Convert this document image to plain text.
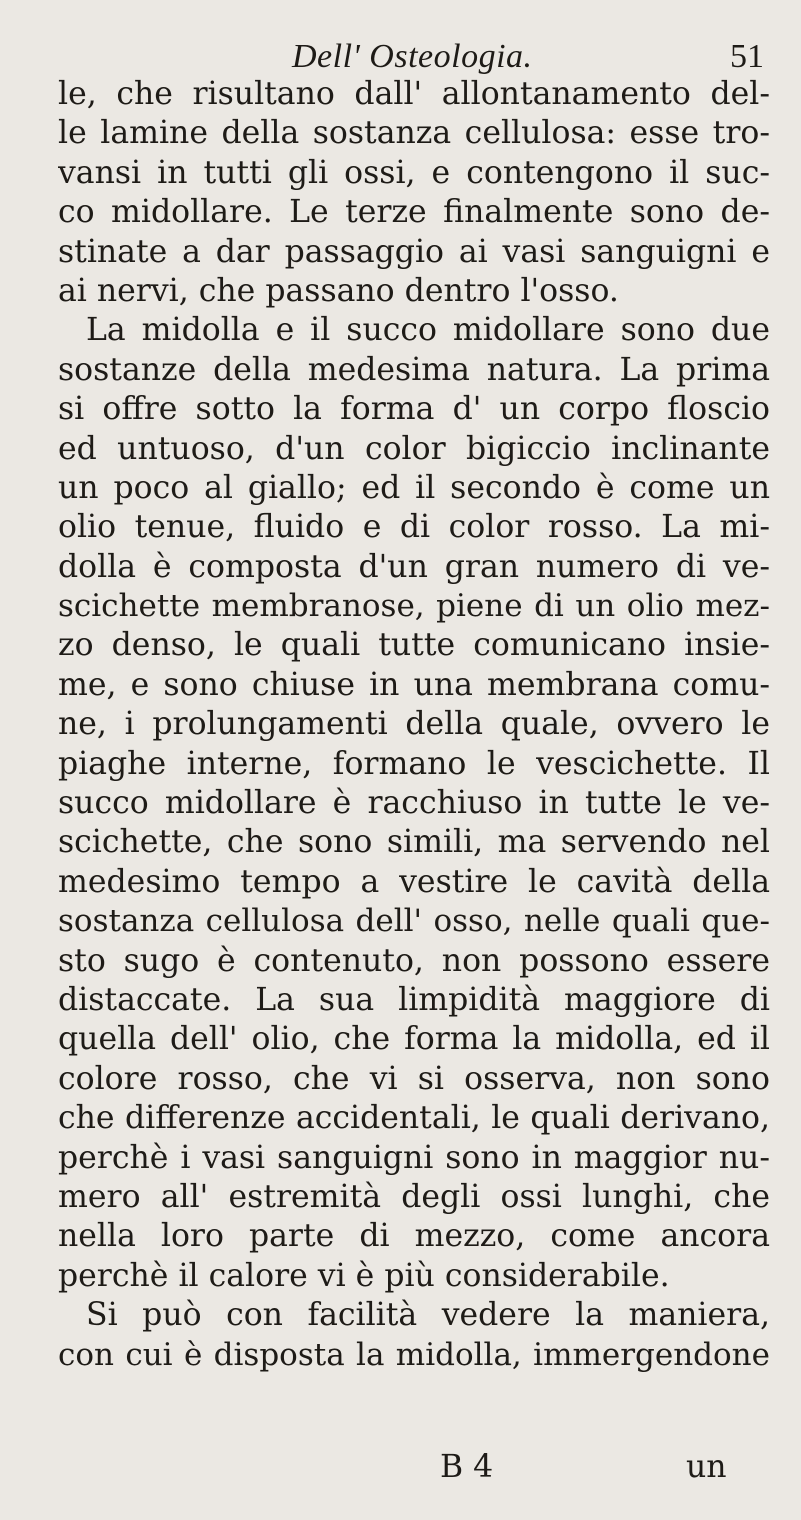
Dell' Osteologia.	51
le, che risultano dall' allontanamento del-
le lamine della sostanza cellulosa: esse tro-
vansi in tutti gli ossi, e contengono il suc-
co midollare. Le terze finalmente sono de-
stinate a dar passaggio ai vasi sanguigni e
ai nervi, che passano dentro l'osso.
La midolla e il succo midollare sono due
sostanze della medesima natura. La prima
si offre sotto la forma d' un corpo floscio
ed untuoso, d'un color bigiccio inclinante
un poco al giallo; ed il secondo è come un
olio tenue, fluido e di color rosso. La mi-
dolla è composta d'un gran numero di ve-
scichette membranose, piene di un olio mez-
zo denso, le quali tutte comunicano insie-
me, e sono chiuse in una membrana comu-
ne, i prolungamenti della quale, ovvero le
piaghe interne, formano le vescichette. Il
succo midollare è racchiuso in tutte le ve-
scichette, che sono simili, ma servendo nel
medesimo tempo a vestire le cavità della
sostanza cellulosa dell' osso, nelle quali que-
sto sugo è contenuto, non possono essere
distaccate. La sua limpidità maggiore di
quella dell' olio, che forma la midolla, ed il
colore rosso, che vi si osserva, non sono
che differenze accidentali, le quali derivano,
perchè i vasi sanguigni sono in maggior nu-
mero all' estremità degli ossi lunghi, che
nella loro parte di mezzo, come ancora
perchè il calore vi è più considerabile.
Si può con facilità vedere la maniera,
con cui è disposta la midolla, immergendone
B 4	un
